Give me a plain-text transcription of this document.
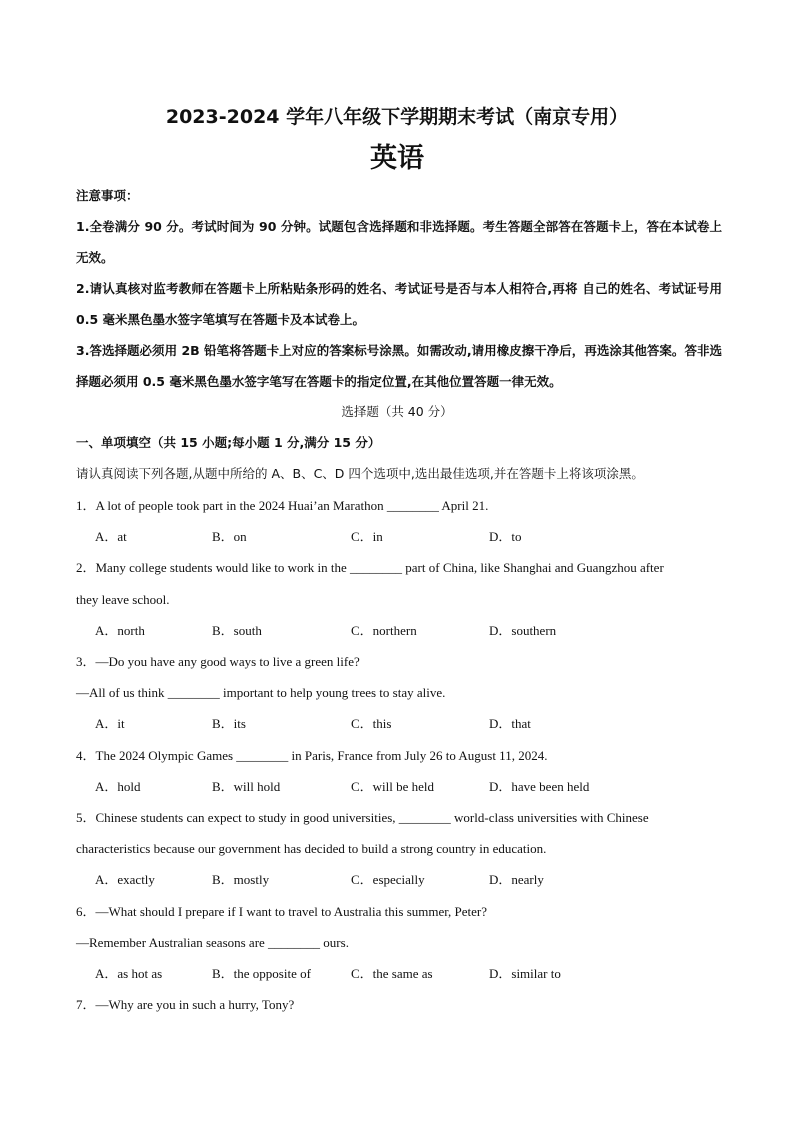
2023-2024 学年八年级下学期期末考试（南京专用）
英语

注意事项：

1.全卷满分 90 分。考试时间为 90 分钟。试题包含选择题和非选择题。考生答题全部答在答题卡上，答在本试卷上无效。

2.请认真核对监考教师在答题卡上所粘贴条形码的姓名、考试证号是否与本人相符合,再将 自己的姓名、考试证号用 0.5 毫米黑色墨水签字笔填写在答题卡及本试卷上。

3.答选择题必须用 2B 铅笔将答题卡上对应的答案标号涂黑。如需改动,请用橡皮擦干净后，再选涂其他答案。答非选择题必须用 0.5 毫米黑色墨水签字笔写在答题卡的指定位置,在其他位置答题一律无效。

选择题（共 40 分）

一、单项填空（共 15 小题;每小题 1 分,满分 15 分）

请认真阅读下列各题,从题中所给的 A、B、C、D 四个选项中,选出最佳选项,并在答题卡上将该项涂黑。

1．A lot of people took part in the 2024 Huai’an Marathon ________ April 21.
A．at	B．on	C．in	D．to
2．Many college students would like to work in the ________ part of China, like Shanghai and Guangzhou after
they leave school.
A．north	B．south	C．northern	D．southern
3．—Do you have any good ways to live a green life?
—All of us think ________ important to help young trees to stay alive.
A．it	B．its	C．this	D．that
4．The 2024 Olympic Games ________ in Paris, France from July 26 to August 11, 2024.
A．hold	B．will hold	C．will be held	D．have been held
5．Chinese students can expect to study in good universities, ________ world-class universities with Chinese
characteristics because our government has decided to build a strong country in education.
A．exactly	B．mostly	C．especially	D．nearly
6．—What should I prepare if I want to travel to Australia this summer, Peter?
—Remember Australian seasons are ________ ours.
A．as hot as	B．the opposite of	C．the same as	D．similar to
7．—Why are you in such a hurry, Tony?
